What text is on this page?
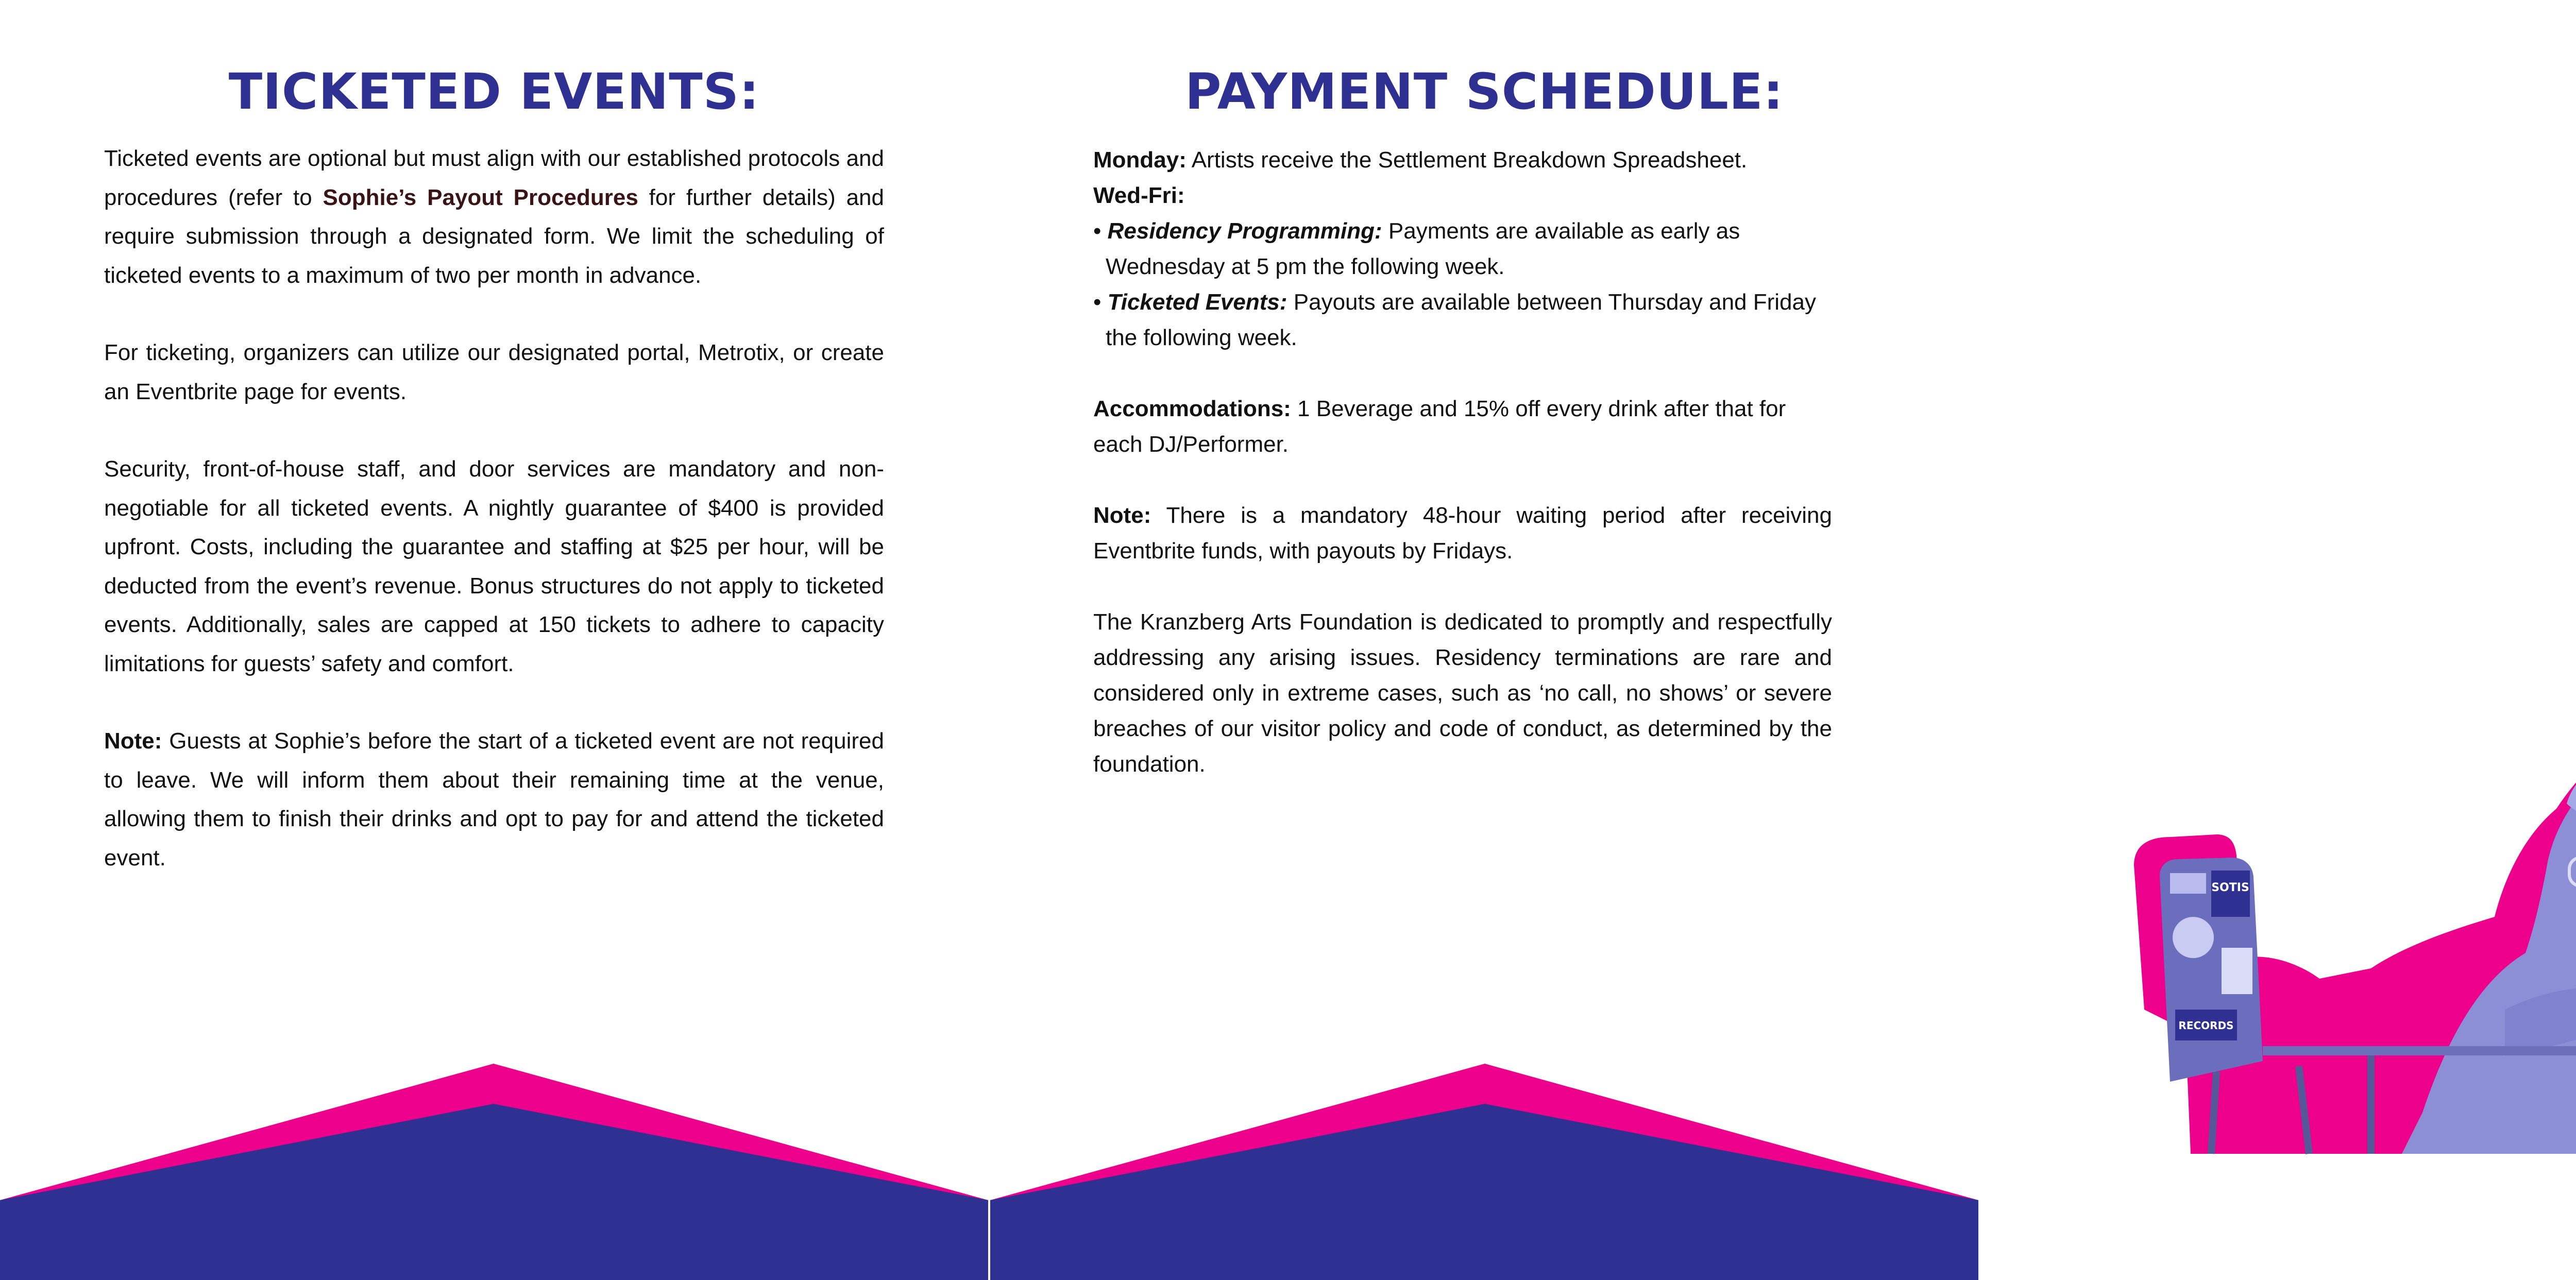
TICKETED EVENTS:

Ticketed events are optional but must align with our established protocols and procedures (refer to Sophie’s Payout Procedures for further details) and require submission through a designated form. We limit the scheduling of ticketed events to a maximum of two per month in advance.

For ticketing, organizers can utilize our designated portal, Metrotix, or create an Eventbrite page for events.

Security, front-of-house staff, and door services are mandatory and non-negotiable for all ticketed events. A nightly guarantee of $400 is provided upfront. Costs, including the guarantee and staffing at $25 per hour, will be deducted from the event’s revenue. Bonus structures do not apply to ticketed events. Additionally, sales are capped at 150 tickets to adhere to capacity limitations for guests’ safety and comfort.

Note: Guests at Sophie’s before the start of a ticketed event are not required to leave. We will inform them about their remaining time at the venue, allowing them to finish their drinks and opt to pay for and attend the ticketed event.

PAYMENT SCHEDULE:

Monday: Artists receive the Settlement Breakdown Spreadsheet.

Wed-Fri:

• Residency Programming: Payments are available as early as Wednesday at 5 pm the following week.

• Ticketed Events: Payouts are available between Thursday and Friday the following week.

Accommodations: 1 Beverage and 15% off every drink after that for each DJ/Performer.

Note: There is a mandatory 48-hour waiting period after receiving Eventbrite funds, with payouts by Fridays.

The Kranzberg Arts Foundation is dedicated to promptly and respectfully addressing any arising issues. Residency terminations are rare and considered only in extreme cases, such as ‘no call, no shows’ or severe breaches of our visitor policy and code of conduct, as determined by the foundation.

SOTIS
RECORDS
